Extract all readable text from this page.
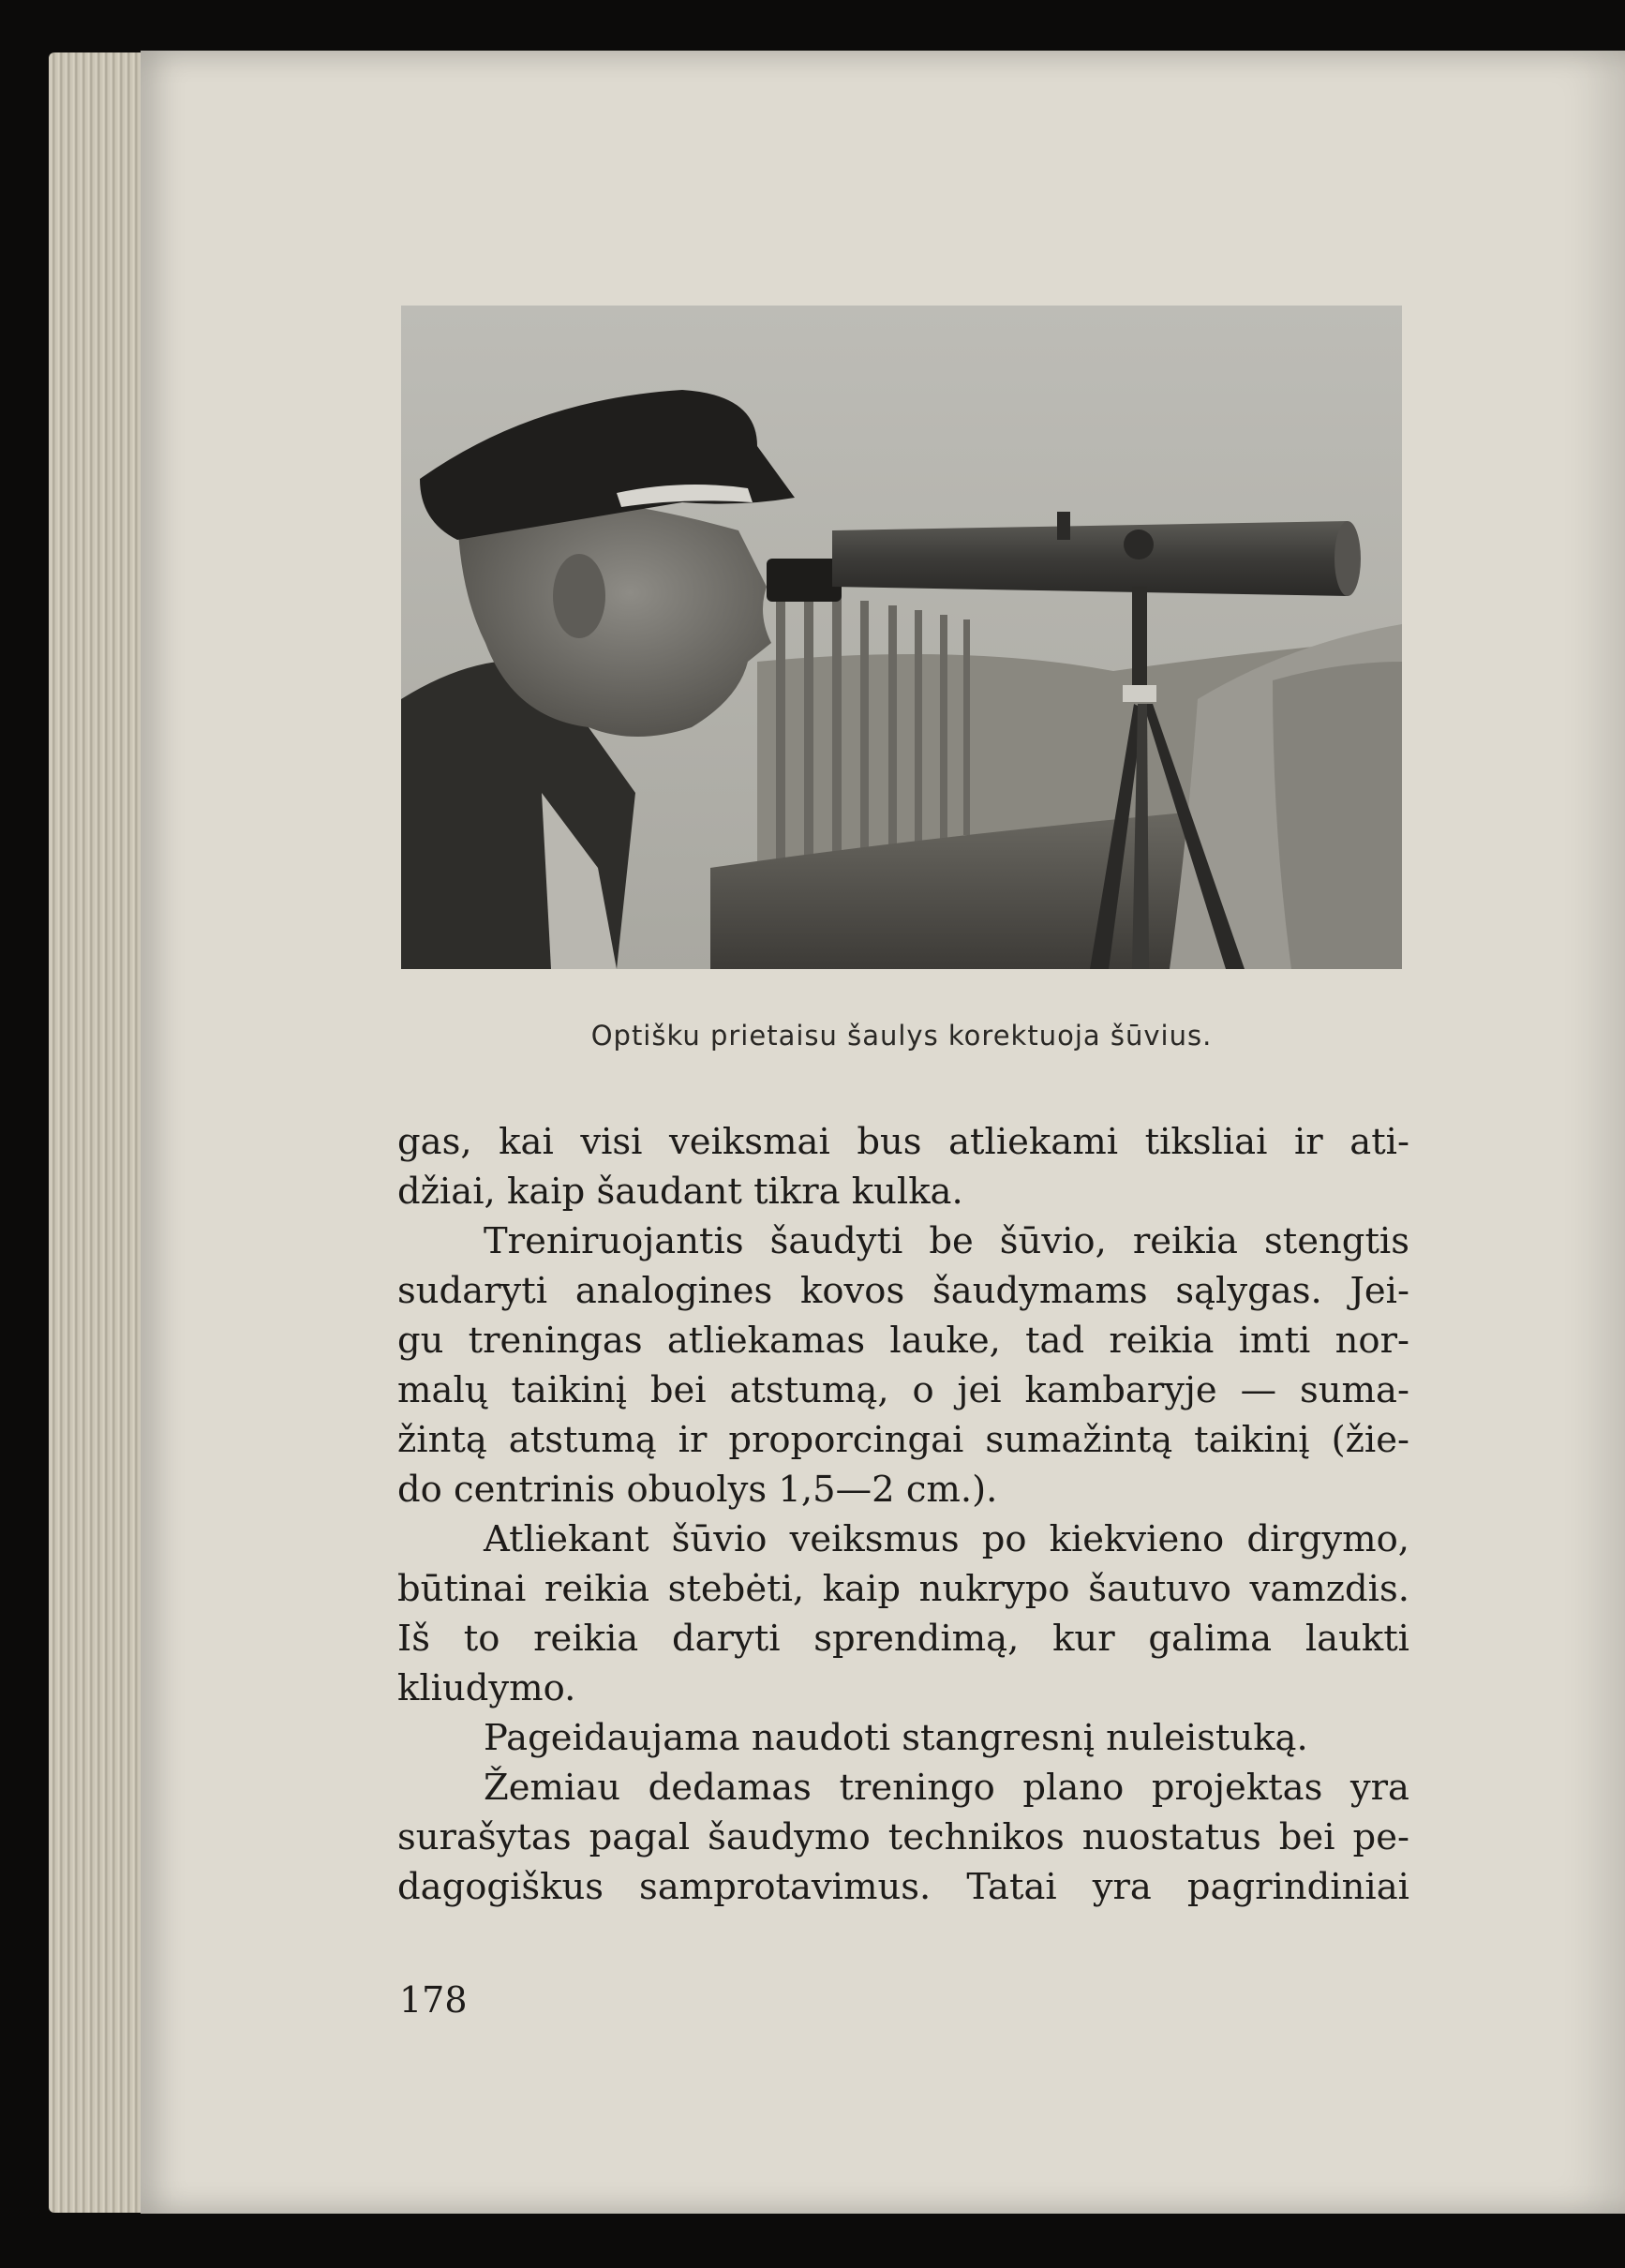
Optišku prietaisu šaulys korektuoja šūvius.
gas, kai visi veiksmai bus atliekami tiksliai ir ati-
džiai, kaip šaudant tikra kulka.
Treniruojantis šaudyti be šūvio, reikia stengtis
sudaryti analogines kovos šaudymams sąlygas. Jei-
gu treningas atliekamas lauke, tad reikia imti nor-
malų taikinį bei atstumą, o jei kambaryje — suma-
žintą atstumą ir proporcingai sumažintą taikinį (žie-
do centrinis obuolys 1,5—2 cm.).
Atliekant šūvio veiksmus po kiekvieno dirgymo,
būtinai reikia stebėti, kaip nukrypo šautuvo vamzdis.
Iš to reikia daryti sprendimą, kur galima laukti
kliudymo.
Pageidaujama naudoti stangresnį nuleistuką.
Žemiau dedamas treningo plano projektas yra
surašytas pagal šaudymo technikos nuostatus bei pe-
dagogiškus samprotavimus. Tatai yra pagrindiniai
178
